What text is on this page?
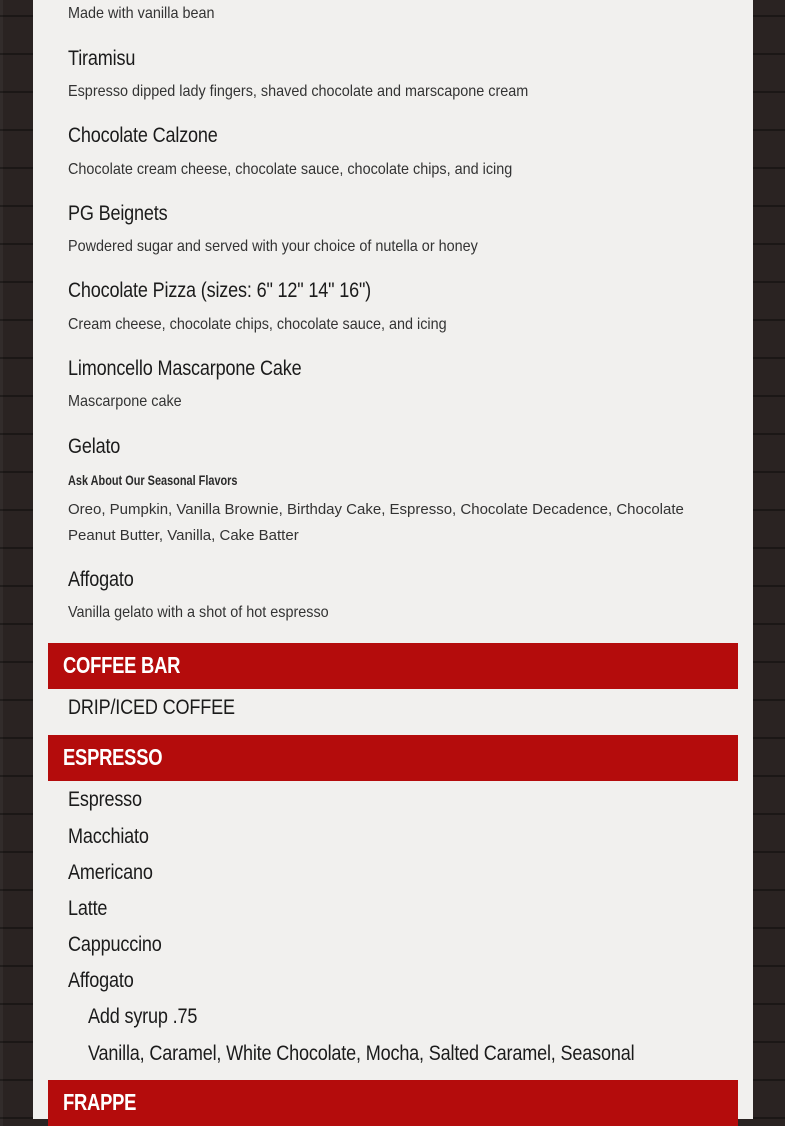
Made with vanilla bean
Tiramisu
Espresso dipped lady fingers, shaved chocolate and marscapone cream
Chocolate Calzone
Chocolate cream cheese, chocolate sauce, chocolate chips, and icing
PG Beignets
Powdered sugar and served with your choice of nutella or honey
Chocolate Pizza (sizes: 6" 12" 14" 16")
Cream cheese, chocolate chips, chocolate sauce, and icing
Limoncello Mascarpone Cake
Mascarpone cake
Gelato
Ask About Our Seasonal Flavors
Oreo, Pumpkin, Vanilla Brownie, Birthday Cake, Espresso, Chocolate Decadence, Chocolate Peanut Butter, Vanilla, Cake Batter
Affogato
Vanilla gelato with a shot of hot espresso
COFFEE BAR
DRIP/ICED COFFEE
ESPRESSO
Espresso
Macchiato
Americano
Latte
Cappuccino
Affogato
Add syrup .75
Vanilla, Caramel, White Chocolate, Mocha, Salted Caramel, Seasonal
FRAPPE
